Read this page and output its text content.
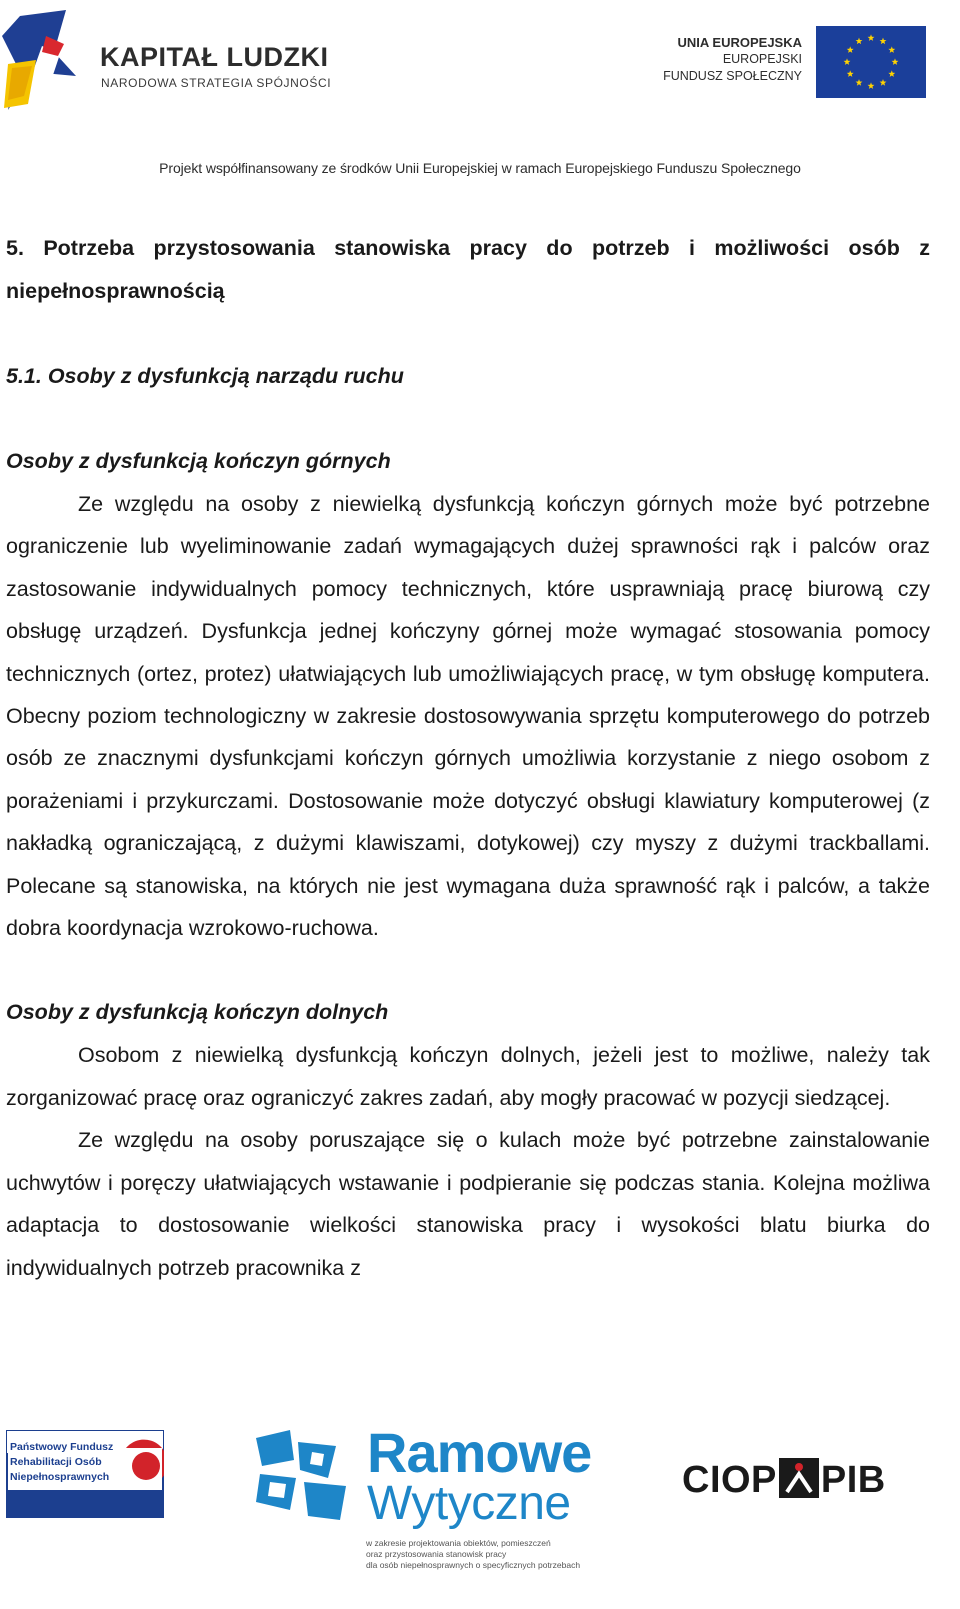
KAPITAŁ LUDZKI
NARODOWA STRATEGIA SPÓJNOŚCI
UNIA EUROPEJSKA
EUROPEJSKI
FUNDUSZ SPOŁECZNY
Projekt współfinansowany ze środków Unii Europejskiej w ramach Europejskiego Funduszu Społecznego
5. Potrzeba przystosowania stanowiska pracy do potrzeb i możliwości osób z niepełnosprawnością
5.1. Osoby z dysfunkcją narządu ruchu
Osoby z dysfunkcją kończyn górnych

Ze względu na osoby z niewielką dysfunkcją kończyn górnych może być potrzebne ograniczenie lub wyeliminowanie zadań wymagających dużej sprawności rąk i palców oraz zastosowanie indywidualnych pomocy technicznych, które usprawniają pracę biurową czy obsługę urządzeń. Dysfunkcja jednej kończyny górnej może wymagać stosowania pomocy technicznych (ortez, protez) ułatwiających lub umożliwiających pracę, w tym obsługę komputera. Obecny poziom technologiczny w zakresie dostosowywania sprzętu komputerowego do potrzeb osób ze znacznymi dysfunkcjami kończyn górnych umożliwia korzystanie z niego osobom z porażeniami i przykurczami. Dostosowanie może dotyczyć obsługi klawiatury komputerowej (z nakładką ograniczającą, z dużymi klawiszami, dotykowej) czy myszy z dużymi trackballami. Polecane są stanowiska, na których nie jest wymagana duża sprawność rąk i palców, a także dobra koordynacja wzrokowo-ruchowa.

Osoby z dysfunkcją kończyn dolnych

Osobom z niewielką dysfunkcją kończyn dolnych, jeżeli jest to możliwe, należy tak zorganizować pracę oraz ograniczyć zakres zadań, aby mogły pracować w pozycji siedzącej.

Ze względu na osoby poruszające się o kulach może być potrzebne zainstalowanie uchwytów i poręczy ułatwiających wstawanie i podpieranie się podczas stania. Kolejna możliwa adaptacja to dostosowanie wielkości stanowiska pracy i wysokości blatu biurka do indywidualnych potrzeb pracownika z

Państwowy Fundusz
Rehabilitacji Osób
Niepełnosprawnych	Ramowe
Wytyczne
w zakresie projektowania obiektów, pomieszczeń
oraz przystosowania stanowisk pracy
dla osób niepełnosprawnych o specyficznych potrzebach
CIOP PIB
